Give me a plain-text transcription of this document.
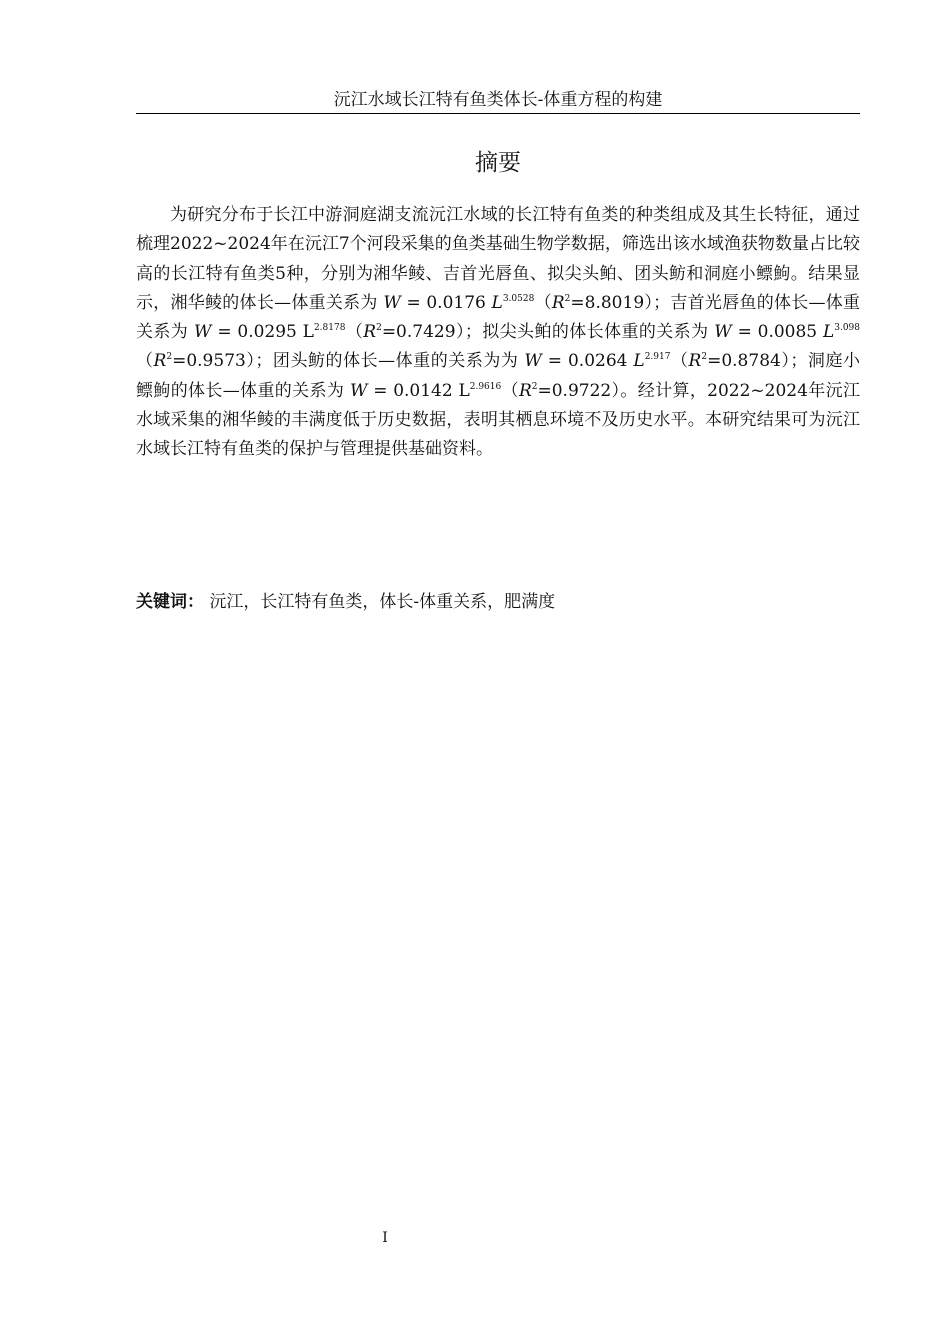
沅江水域长江特有鱼类体长-体重方程的构建
摘要

为研究分布于长江中游洞庭湖支流沅江水域的长江特有鱼类的种类组成及其生长特征，通过梳理2022~2024年在沅江7个河段采集的鱼类基础生物学数据，筛选出该水域渔获物数量占比较高的长江特有鱼类5种，分别为湘华鲮、吉首光唇鱼、拟尖头鲌、团头鲂和洞庭小鳔鮈。结果显示，湘华鲮的体长—体重关系为 W = 0.0176 $L^{3.0528}(R^2=8.8019)$；吉首光唇鱼的体长—体重关系为 W = 0.0295 $L^{2.8178}(R^2=0.7429)$；拟尖头鲌的体长体重的关系为 W = 0.0085 $L^{3.098}(R^2=0.9573)$；团头鲂的体长—体重的关系为为 W = 0.0264 $L^{2.917}(R^2=0.8784)$；洞庭小鳔鮈的体长—体重的关系为 W = 0.0142 $L^{2.9616}(R^2=0.9722)$。经计算，2022~2024年沅江水域采集的湘华鲮的丰满度低于历史数据，表明其栖息环境不及历史水平。本研究结果可为沅江水域长江特有鱼类的保护与管理提供基础资料。

关键词： 沅江，长江特有鱼类，体长-体重关系，肥满度
I
